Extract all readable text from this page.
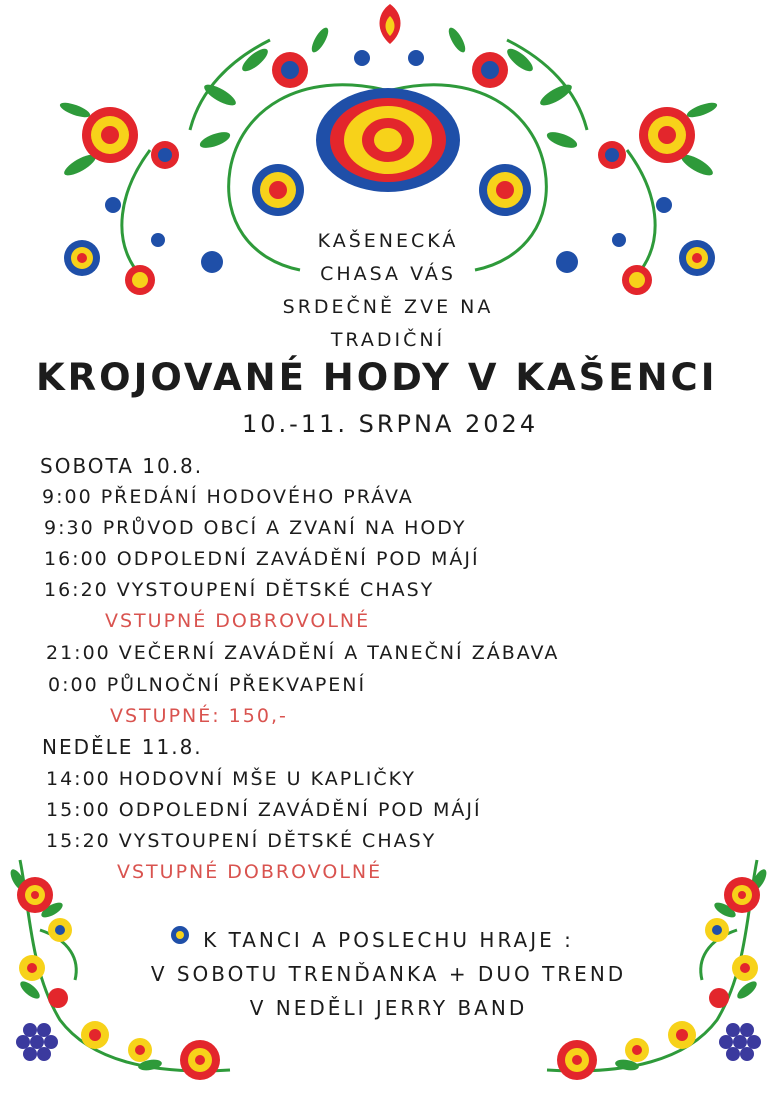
KAŠENECKÁ
CHASA VÁS
SRDEČNĚ ZVE NA
TRADIČNÍ
KROJOVANÉ HODY V KAŠENCI
10.-11. SRPNA 2024
SOBOTA 10.8.
9:00 PŘEDÁNÍ HODOVÉHO PRÁVA
9:30 PRŮVOD OBCÍ A ZVANÍ NA HODY
16:00 ODPOLEDNÍ ZAVÁDĚNÍ POD MÁJÍ
16:20 VYSTOUPENÍ DĚTSKÉ CHASY
VSTUPNÉ DOBROVOLNÉ
21:00 VEČERNÍ ZAVÁDĚNÍ A TANEČNÍ ZÁBAVA
0:00 PŮLNOČNÍ PŘEKVAPENÍ
VSTUPNÉ: 150,-
NEDĚLE 11.8.
14:00 HODOVNÍ MŠE U KAPLIČKY
15:00 ODPOLEDNÍ ZAVÁDĚNÍ POD MÁJÍ
15:20 VYSTOUPENÍ DĚTSKÉ CHASY
VSTUPNÉ DOBROVOLNÉ
K TANCI A POSLECHU HRAJE :
V SOBOTU TRENĎANKA + DUO TREND
V NEDĚLI JERRY BAND
